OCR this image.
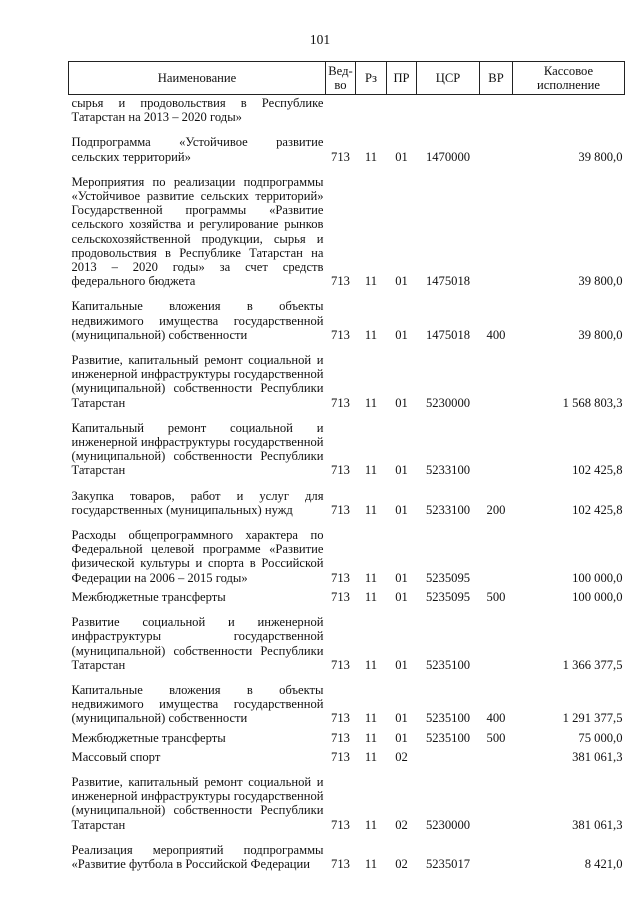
101
Наименование	Вед-во	Рз	ПР	ЦСР	ВР	Кассовое исполнение
сырья и продовольствия в Республике Татарстан на 2013 – 2020 годы»						
Подпрограмма «Устойчивое развитие сельских территорий»	713	11	01	1470000		39 800,0
Мероприятия по реализации подпрограммы «Устойчивое развитие сельских территорий» Государственной программы «Развитие сельского хозяйства и регулирование рынков сельскохозяйственной продукции, сырья и продовольствия в Республике Татарстан на 2013 – 2020 годы» за счет средств федерального бюджета	713	11	01	1475018		39 800,0
Капитальные вложения в объекты недвижимого имущества государственной (муниципальной) собственности	713	11	01	1475018	400	39 800,0
Развитие, капитальный ремонт социальной и инженерной инфраструктуры государственной (муниципальной) собственности Республики Татарстан	713	11	01	5230000		1 568 803,3
Капитальный ремонт социальной и инженерной инфраструктуры государственной (муниципальной) собственности Республики Татарстан	713	11	01	5233100		102 425,8
Закупка товаров, работ и услуг для государственных (муниципальных) нужд	713	11	01	5233100	200	102 425,8
Расходы общепрограммного характера по Федеральной целевой программе «Развитие физической культуры и спорта в Российской Федерации на 2006 – 2015 годы»	713	11	01	5235095		100 000,0
Межбюджетные трансферты	713	11	01	5235095	500	100 000,0
Развитие социальной и инженерной инфраструктуры государственной (муниципальной) собственности Республики Татарстан	713	11	01	5235100		1 366 377,5
Капитальные вложения в объекты недвижимого имущества государственной (муниципальной) собственности	713	11	01	5235100	400	1 291 377,5
Межбюджетные трансферты	713	11	01	5235100	500	75 000,0
Массовый спорт	713	11	02			381 061,3
Развитие, капитальный ремонт социальной и инженерной инфраструктуры государственной (муниципальной) собственности Республики Татарстан	713	11	02	5230000		381 061,3
Реализация мероприятий подпрограммы «Развитие футбола в Российской Федерации	713	11	02	5235017		8 421,0
